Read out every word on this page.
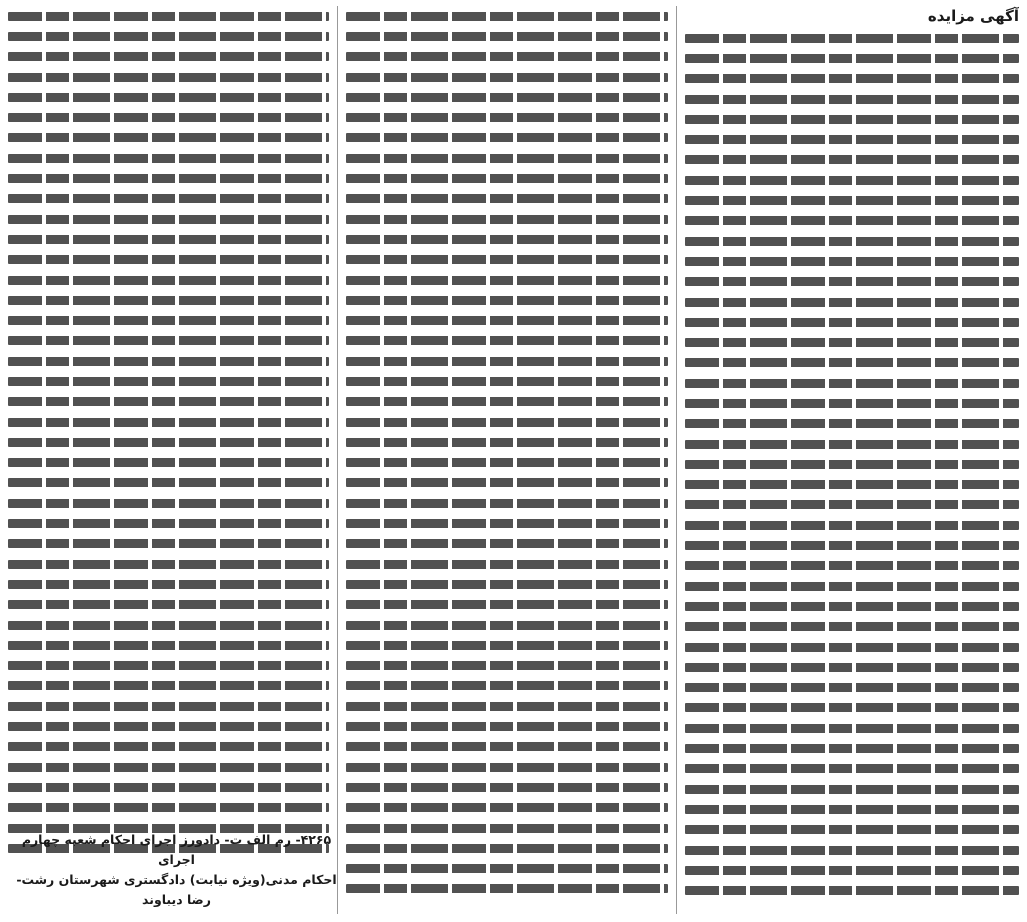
آگهی مزایده
۴۲۶۵- رم الف ت- دادورز اجرای احکام شعبه چهارم اجرای
احکام مدنی(ویژه نیابت) دادگستری شهرستان رشت-رضا دیباوند
